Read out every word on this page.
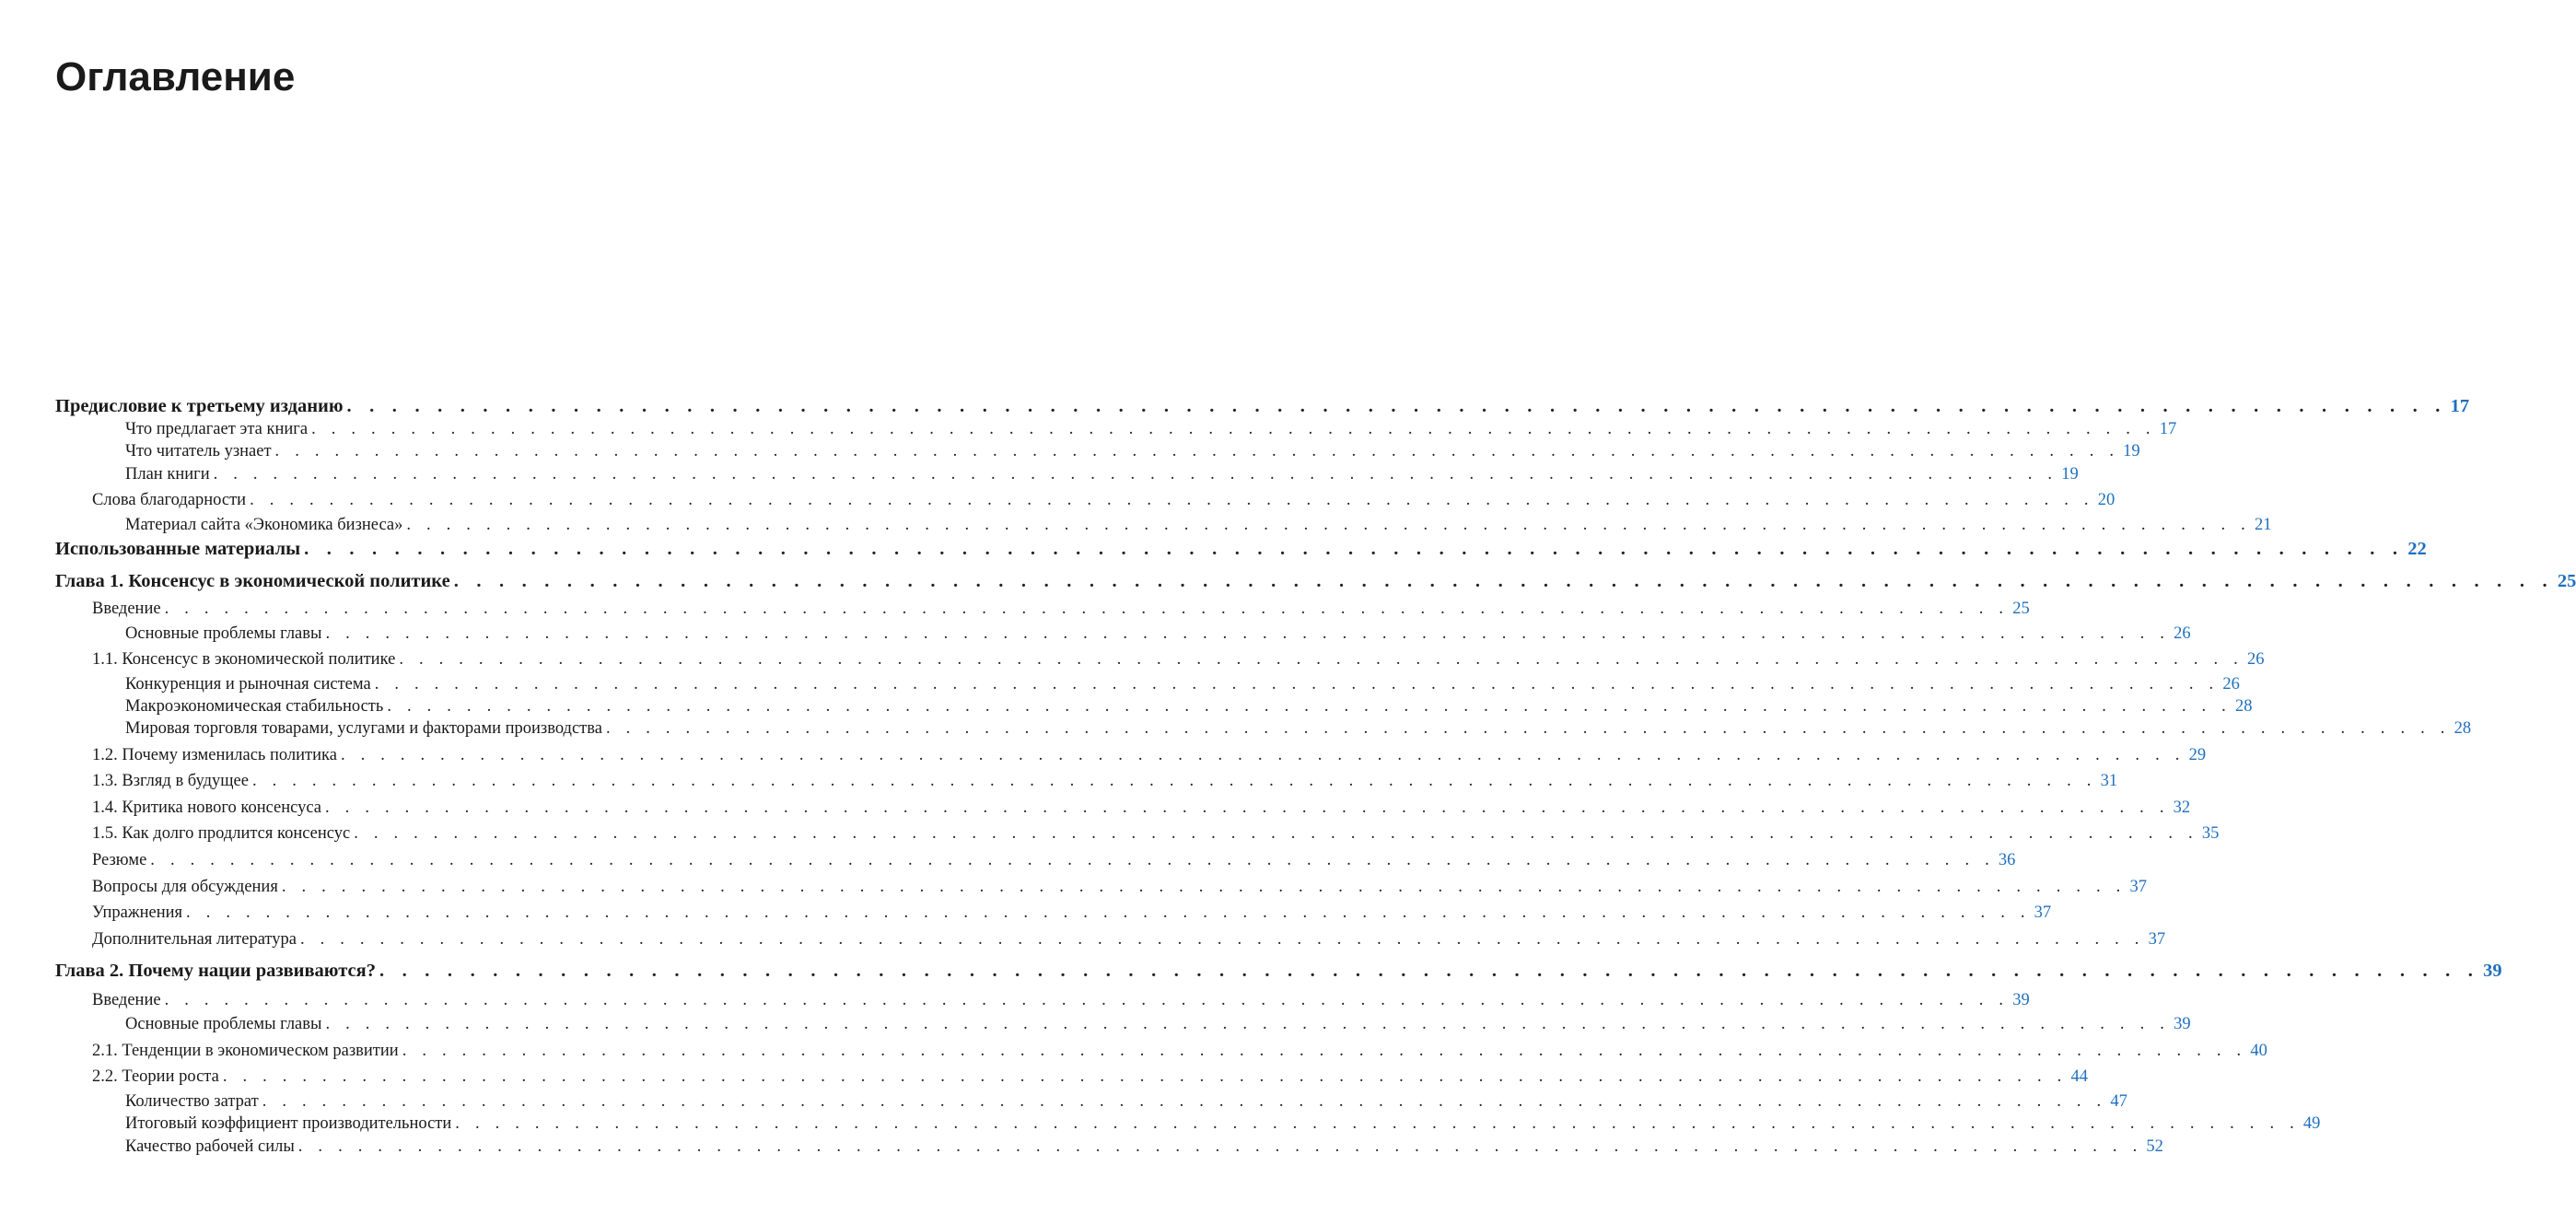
Оглавление
Предисловие к третьему изданию . . . . . . . . . . . . . . . . . . . . . . . . . . . . . . . . . . . . . . . . . . . . . . . . . . . . . . . . . . . . . . . . . . . . . . . . . . . . . . . . . . . . . . . . . . . . . 17
Что предлагает эта книга . . . . . . . . . . . . . . . . . . . . . . . . . . . . . . . . . . . . . . . . . . . . . . . . . . . . . . . . . . . . . . . . . . . . . . . . . . . . . . . . . . . . . . . . . . . . . 17
Что читатель узнает . . . . . . . . . . . . . . . . . . . . . . . . . . . . . . . . . . . . . . . . . . . . . . . . . . . . . . . . . . . . . . . . . . . . . . . . . . . . . . . . . . . . . . . . . . . . . 19
План книги . . . . . . . . . . . . . . . . . . . . . . . . . . . . . . . . . . . . . . . . . . . . . . . . . . . . . . . . . . . . . . . . . . . . . . . . . . . . . . . . . . . . . . . . . . . . . 19
Слова благодарности . . . . . . . . . . . . . . . . . . . . . . . . . . . . . . . . . . . . . . . . . . . . . . . . . . . . . . . . . . . . . . . . . . . . . . . . . . . . . . . . . . . . . . . . . . . . . 20
Материал сайта «Экономика бизнеса» . . . . . . . . . . . . . . . . . . . . . . . . . . . . . . . . . . . . . . . . . . . . . . . . . . . . . . . . . . . . . . . . . . . . . . . . . . . . . . . . . . . . . . . . . . . . . 21
Использованные материалы . . . . . . . . . . . . . . . . . . . . . . . . . . . . . . . . . . . . . . . . . . . . . . . . . . . . . . . . . . . . . . . . . . . . . . . . . . . . . . . . . . . . . . . . . . . . . 22
Глава 1. Консенсус в экономической политике . . . . . . . . . . . . . . . . . . . . . . . . . . . . . . . . . . . . . . . . . . . . . . . . . . . . . . . . . . . . . . . . . . . . . . . . . . . . . . . . . . . . . . . . . . . . . 25
Введение . . . . . . . . . . . . . . . . . . . . . . . . . . . . . . . . . . . . . . . . . . . . . . . . . . . . . . . . . . . . . . . . . . . . . . . . . . . . . . . . . . . . . . . . . . . . . 25
Основные проблемы главы . . . . . . . . . . . . . . . . . . . . . . . . . . . . . . . . . . . . . . . . . . . . . . . . . . . . . . . . . . . . . . . . . . . . . . . . . . . . . . . . . . . . . . . . . . . . . 26
1.1. Консенсус в экономической политике . . . . . . . . . . . . . . . . . . . . . . . . . . . . . . . . . . . . . . . . . . . . . . . . . . . . . . . . . . . . . . . . . . . . . . . . . . . . . . . . . . . . . . . . . . . . . 26
Конкуренция и рыночная система . . . . . . . . . . . . . . . . . . . . . . . . . . . . . . . . . . . . . . . . . . . . . . . . . . . . . . . . . . . . . . . . . . . . . . . . . . . . . . . . . . . . . . . . . . . . . 26
Макроэкономическая стабильность . . . . . . . . . . . . . . . . . . . . . . . . . . . . . . . . . . . . . . . . . . . . . . . . . . . . . . . . . . . . . . . . . . . . . . . . . . . . . . . . . . . . . . . . . . . . . 28
Мировая торговля товарами, услугами и факторами производства . . . . . . . . . . . . . . . . . . . . . . . . . . . . . . . . . . . . . . . . . . . . . . . . . . . . . . . . . . . . . . . . . . . . . . . . . . . . . . . . . . . . . . . . . . . . . 28
1.2. Почему изменилась политика . . . . . . . . . . . . . . . . . . . . . . . . . . . . . . . . . . . . . . . . . . . . . . . . . . . . . . . . . . . . . . . . . . . . . . . . . . . . . . . . . . . . . . . . . . . . . 29
1.3. Взгляд в будущее . . . . . . . . . . . . . . . . . . . . . . . . . . . . . . . . . . . . . . . . . . . . . . . . . . . . . . . . . . . . . . . . . . . . . . . . . . . . . . . . . . . . . . . . . . . . . 31
1.4. Критика нового консенсуса . . . . . . . . . . . . . . . . . . . . . . . . . . . . . . . . . . . . . . . . . . . . . . . . . . . . . . . . . . . . . . . . . . . . . . . . . . . . . . . . . . . . . . . . . . . . . 32
1.5. Как долго продлится консенсус . . . . . . . . . . . . . . . . . . . . . . . . . . . . . . . . . . . . . . . . . . . . . . . . . . . . . . . . . . . . . . . . . . . . . . . . . . . . . . . . . . . . . . . . . . . . . 35
Резюме . . . . . . . . . . . . . . . . . . . . . . . . . . . . . . . . . . . . . . . . . . . . . . . . . . . . . . . . . . . . . . . . . . . . . . . . . . . . . . . . . . . . . . . . . . . . . 36
Вопросы для обсуждения . . . . . . . . . . . . . . . . . . . . . . . . . . . . . . . . . . . . . . . . . . . . . . . . . . . . . . . . . . . . . . . . . . . . . . . . . . . . . . . . . . . . . . . . . . . . . 37
Упражнения . . . . . . . . . . . . . . . . . . . . . . . . . . . . . . . . . . . . . . . . . . . . . . . . . . . . . . . . . . . . . . . . . . . . . . . . . . . . . . . . . . . . . . . . . . . . . 37
Дополнительная литература . . . . . . . . . . . . . . . . . . . . . . . . . . . . . . . . . . . . . . . . . . . . . . . . . . . . . . . . . . . . . . . . . . . . . . . . . . . . . . . . . . . . . . . . . . . . . 37
Глава 2. Почему нации развиваются? . . . . . . . . . . . . . . . . . . . . . . . . . . . . . . . . . . . . . . . . . . . . . . . . . . . . . . . . . . . . . . . . . . . . . . . . . . . . . . . . . . . . . . . . . . . . . 39
Введение . . . . . . . . . . . . . . . . . . . . . . . . . . . . . . . . . . . . . . . . . . . . . . . . . . . . . . . . . . . . . . . . . . . . . . . . . . . . . . . . . . . . . . . . . . . . . 39
Основные проблемы главы . . . . . . . . . . . . . . . . . . . . . . . . . . . . . . . . . . . . . . . . . . . . . . . . . . . . . . . . . . . . . . . . . . . . . . . . . . . . . . . . . . . . . . . . . . . . . 39
2.1. Тенденции в экономическом развитии . . . . . . . . . . . . . . . . . . . . . . . . . . . . . . . . . . . . . . . . . . . . . . . . . . . . . . . . . . . . . . . . . . . . . . . . . . . . . . . . . . . . . . . . . . . . . 40
2.2. Теории роста . . . . . . . . . . . . . . . . . . . . . . . . . . . . . . . . . . . . . . . . . . . . . . . . . . . . . . . . . . . . . . . . . . . . . . . . . . . . . . . . . . . . . . . . . . . . . 44
Количество затрат . . . . . . . . . . . . . . . . . . . . . . . . . . . . . . . . . . . . . . . . . . . . . . . . . . . . . . . . . . . . . . . . . . . . . . . . . . . . . . . . . . . . . . . . . . . . . 47
Итоговый коэффициент производительности . . . . . . . . . . . . . . . . . . . . . . . . . . . . . . . . . . . . . . . . . . . . . . . . . . . . . . . . . . . . . . . . . . . . . . . . . . . . . . . . . . . . . . . . . . . . . 49
Качество рабочей силы . . . . . . . . . . . . . . . . . . . . . . . . . . . . . . . . . . . . . . . . . . . . . . . . . . . . . . . . . . . . . . . . . . . . . . . . . . . . . . . . . . . . . . . . . . . . . 52
